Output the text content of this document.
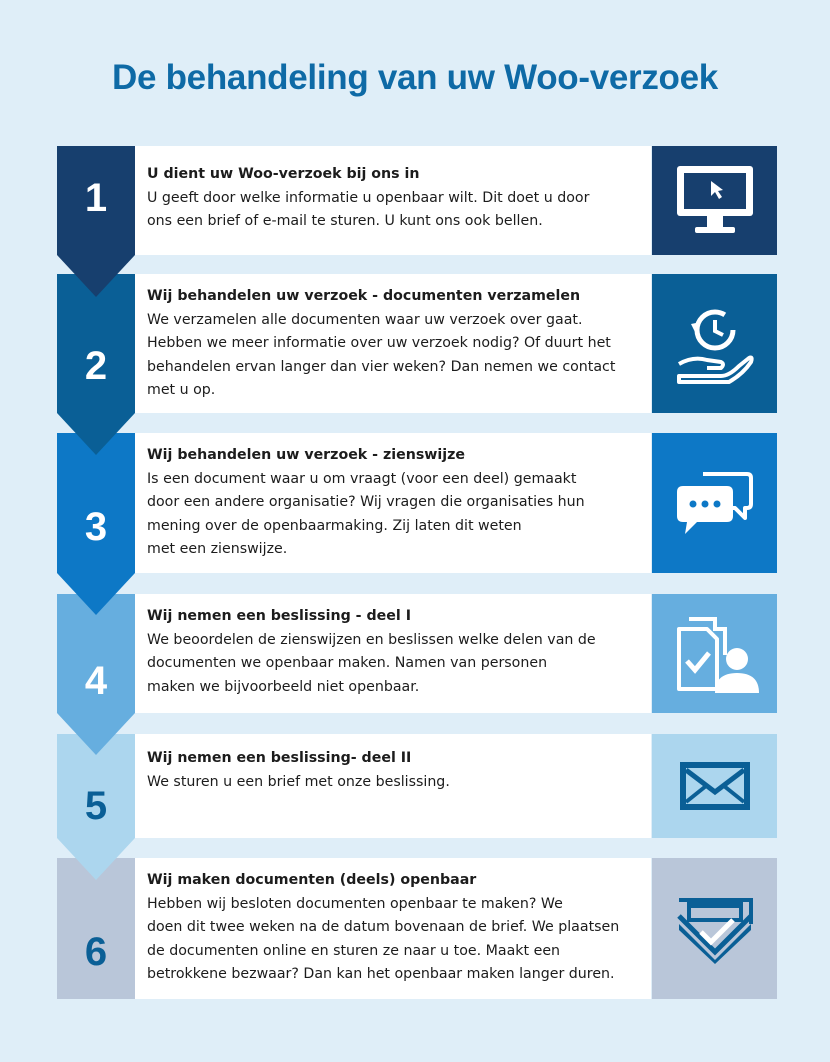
De behandeling van uw Woo-verzoek
U dient uw Woo-verzoek bij ons in
U geeft door welke informatie u openbaar wilt. Dit doet u door
ons een brief of e-mail te sturen. U kunt ons ook bellen.
1
Wij behandelen uw verzoek - documenten verzamelen
We verzamelen alle documenten waar uw verzoek over gaat.
Hebben we meer informatie over uw verzoek nodig? Of duurt het
behandelen ervan langer dan vier weken? Dan nemen we contact
met u op.
2
Wij behandelen uw verzoek - zienswijze
Is een document waar u om vraagt (voor een deel) gemaakt
door een andere organisatie? Wij vragen die organisaties hun
mening over de openbaarmaking. Zij laten dit weten
met een zienswijze.
3
Wij nemen een beslissing - deel I
We beoordelen de zienswijzen en beslissen welke delen van de
documenten we openbaar maken. Namen van personen
maken we bijvoorbeeld niet openbaar.
4
Wij nemen een beslissing- deel II
We sturen u een brief met onze beslissing.
5
Wij maken documenten (deels) openbaar
Hebben wij besloten documenten openbaar te maken? We
doen dit twee weken na de datum bovenaan de brief. We plaatsen
de documenten online en sturen ze naar u toe. Maakt een
betrokkene bezwaar? Dan kan het openbaar maken langer duren.
6
